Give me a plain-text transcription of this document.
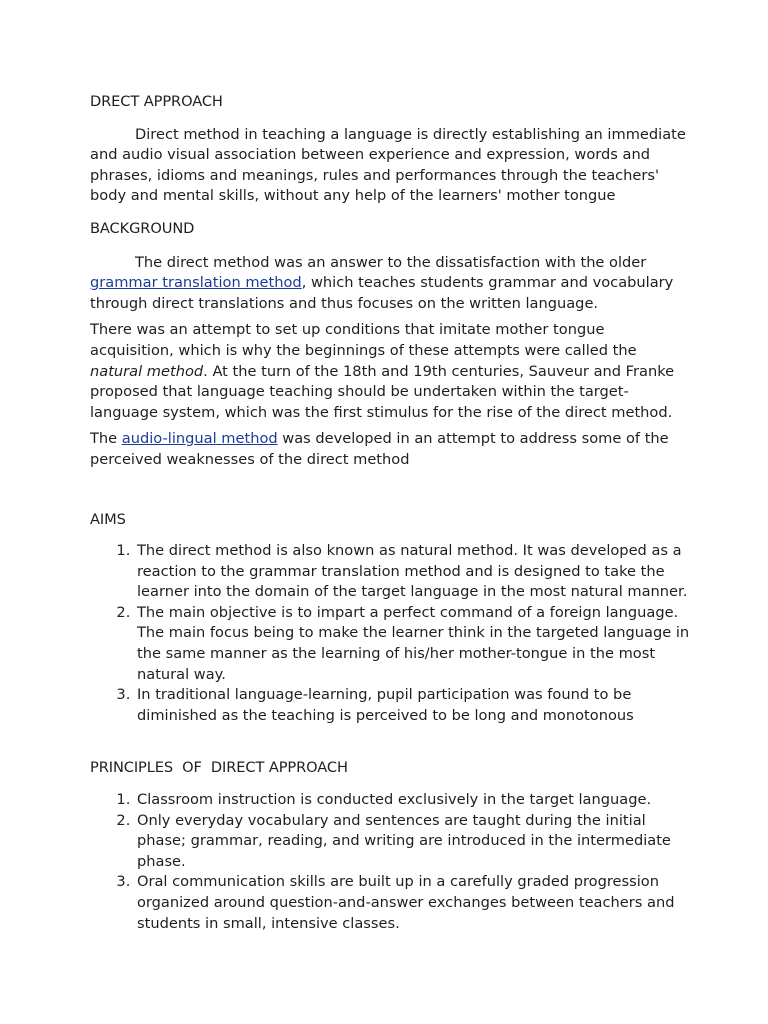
DRECT APPROACH

Direct method in teaching a language is directly establishing an immediate and audio visual association between experience and expression, words and phrases, idioms and meanings, rules and performances through the teachers' body and mental skills, without any help of the learners' mother tongue

BACKGROUND

The direct method was an answer to the dissatisfaction with the older grammar translation method, which teaches students grammar and vocabulary through direct translations and thus focuses on the written language.

There was an attempt to set up conditions that imitate mother tongue acquisition, which is why the beginnings of these attempts were called the natural method. At the turn of the 18th and 19th centuries, Sauveur and Franke proposed that language teaching should be undertaken within the target-language system, which was the first stimulus for the rise of the direct method.

The audio-lingual method was developed in an attempt to address some of the perceived weaknesses of the direct method

AIMS
1. The direct method is also known as natural method. It was developed as a reaction to the grammar translation method and is designed to take the learner into the domain of the target language in the most natural manner.
2. The main objective is to impart a perfect command of a foreign language. The main focus being to make the learner think in the targeted language in the same manner as the learning of his/her mother-tongue in the most natural way.
3. In traditional language-learning, pupil participation was found to be diminished as the teaching is perceived to be long and monotonous
PRINCIPLES  OF  DIRECT APPROACH
1. Classroom instruction is conducted exclusively in the target language.
2. Only everyday vocabulary and sentences are taught during the initial phase; grammar, reading, and writing are introduced in the intermediate phase.
3. Oral communication skills are built up in a carefully graded progression organized around question-and-answer exchanges between teachers and students in small, intensive classes.
